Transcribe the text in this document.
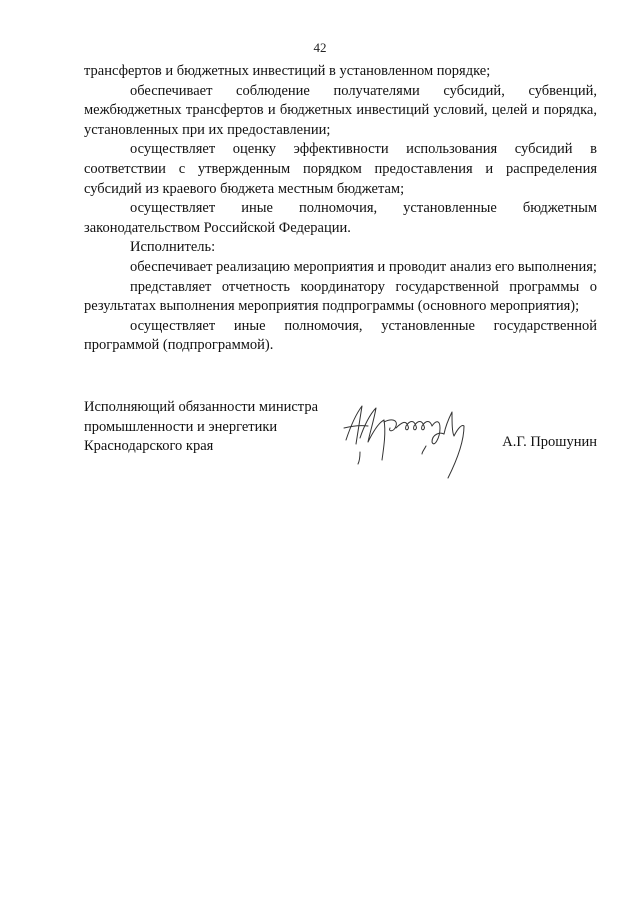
42

трансфертов и бюджетных инвестиций в установленном порядке;

обеспечивает соблюдение получателями субсидий, субвенций, межбюджетных трансфертов и бюджетных инвестиций условий, целей и порядка, установленных при их предоставлении;

осуществляет оценку эффективности использования субсидий в соответствии с утвержденным порядком предоставления и распределения субсидий из краевого бюджета местным бюджетам;

осуществляет иные полномочия, установленные бюджетным законодательством Российской Федерации.

Исполнитель:

обеспечивает реализацию мероприятия и проводит анализ его выполнения;

представляет отчетность координатору государственной программы о результатах выполнения мероприятия подпрограммы (основного мероприятия);

осуществляет иные полномочия, установленные государственной программой (подпрограммой).

Исполняющий обязанности министра
промышленности и энергетики
Краснодарского края	А.Г. Прошунин
